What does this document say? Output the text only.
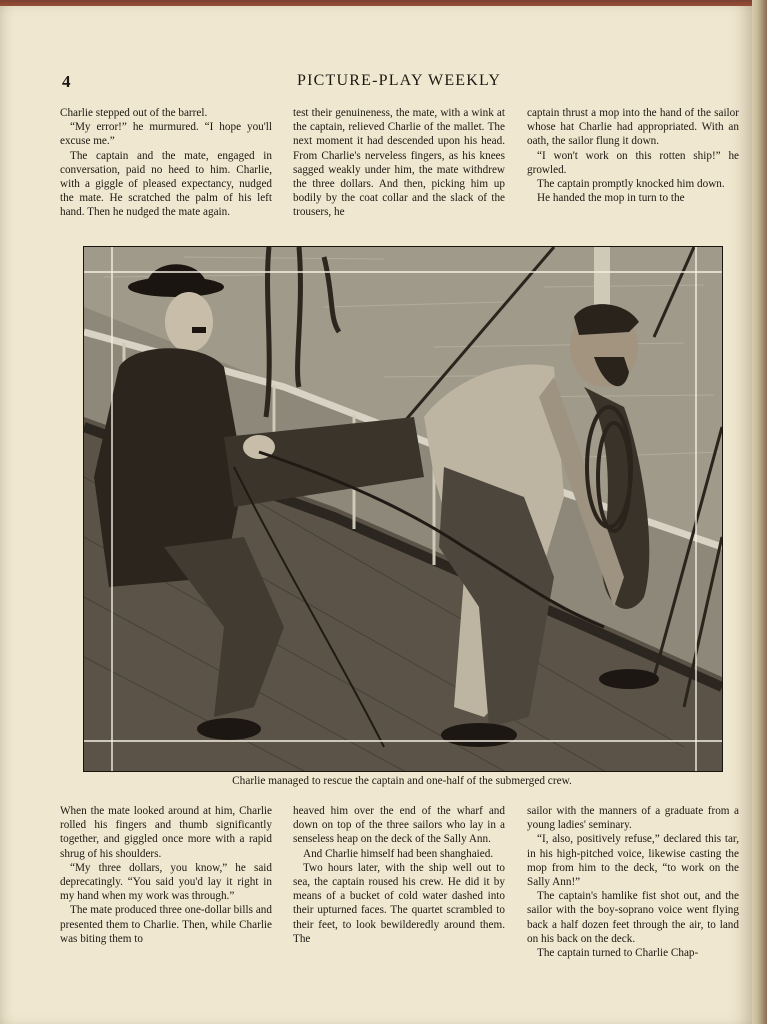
4	PICTURE-PLAY WEEKLY

Charlie stepped out of the barrel.

“My error!” he murmured. “I hope you'll excuse me.”

The captain and the mate, engaged in conversation, paid no heed to him. Charlie, with a giggle of pleased expectancy, nudged the mate. He scratched the palm of his left hand. Then he nudged the mate again.

test their genuineness, the mate, with a wink at the captain, relieved Charlie of the mallet. The next moment it had descended upon his head. From Charlie's nerveless fingers, as his knees sagged weakly under him, the mate withdrew the three dollars. And then, picking him up bodily by the coat collar and the slack of the trousers, he

captain thrust a mop into the hand of the sailor whose hat Charlie had appropriated. With an oath, the sailor flung it down.

“I won't work on this rotten ship!” he growled.

The captain promptly knocked him down.

He handed the mop in turn to the

Charlie managed to rescue the captain and one-half of the submerged crew.

When the mate looked around at him, Charlie rolled his fingers and thumb significantly together, and giggled once more with a rapid shrug of his shoulders.

“My three dollars, you know,” he said deprecatingly. “You said you'd lay it right in my hand when my work was through.”

The mate produced three one-dollar bills and presented them to Charlie. Then, while Charlie was biting them to

heaved him over the end of the wharf and down on top of the three sailors who lay in a senseless heap on the deck of the Sally Ann.

And Charlie himself had been shanghaied.

Two hours later, with the ship well out to sea, the captain roused his crew. He did it by means of a bucket of cold water dashed into their upturned faces. The quartet scrambled to their feet, to look bewilderedly around them. The

sailor with the manners of a graduate from a young ladies' seminary.

“I, also, positively refuse,” declared this tar, in his high-pitched voice, likewise casting the mop from him to the deck, “to work on the Sally Ann!”

The captain's hamlike fist shot out, and the sailor with the boy-soprano voice went flying back a half dozen feet through the air, to land on his back on the deck.

The captain turned to Charlie Chap-
